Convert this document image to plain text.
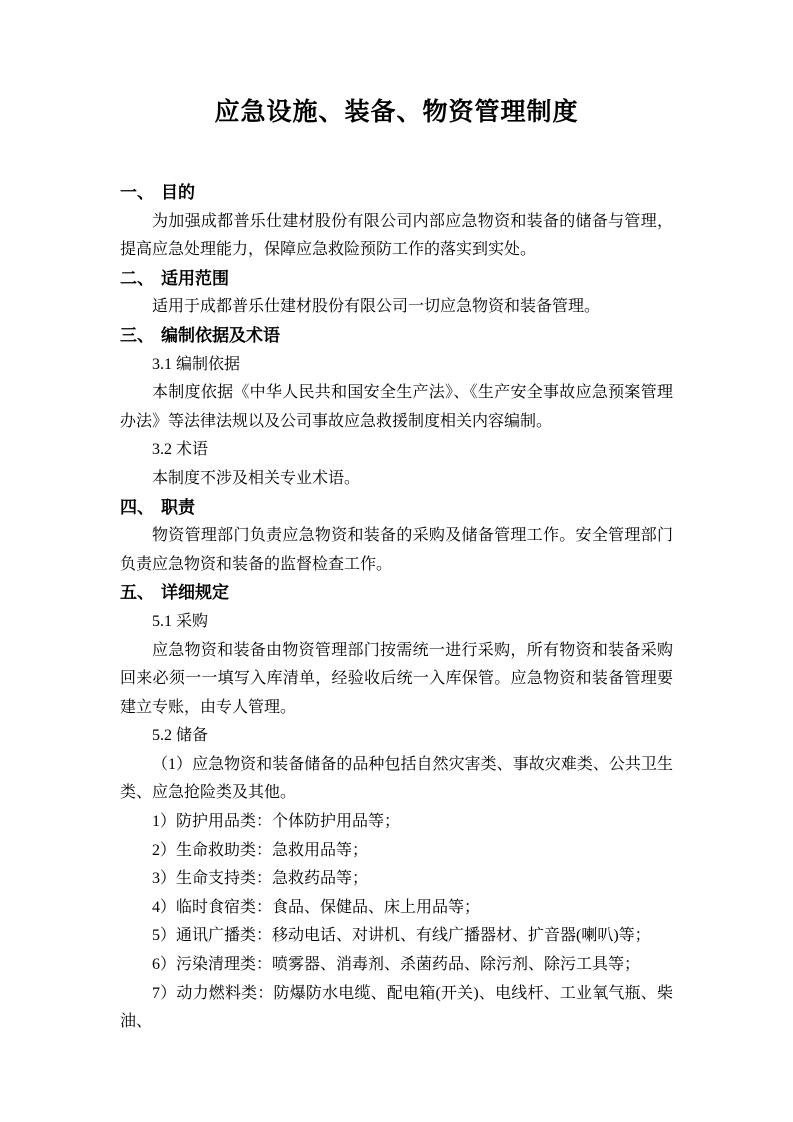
应急设施、装备、物资管理制度
一、 目的

为加强成都普乐仕建材股份有限公司内部应急物资和装备的储备与管理，提高应急处理能力，保障应急救险预防工作的落实到实处。

二、 适用范围

适用于成都普乐仕建材股份有限公司一切应急物资和装备管理。

三、 编制依据及术语

3.1 编制依据

本制度依据《中华人民共和国安全生产法》、《生产安全事故应急预案管理办法》等法律法规以及公司事故应急救援制度相关内容编制。

3.2 术语

本制度不涉及相关专业术语。

四、 职责

物资管理部门负责应急物资和装备的采购及储备管理工作。安全管理部门负责应急物资和装备的监督检查工作。

五、 详细规定

5.1 采购

应急物资和装备由物资管理部门按需统一进行采购，所有物资和装备采购回来必须一一填写入库清单，经验收后统一入库保管。应急物资和装备管理要建立专账，由专人管理。

5.2 储备

（1）应急物资和装备储备的品种包括自然灾害类、事故灾难类、公共卫生类、应急抢险类及其他。

1）防护用品类：个体防护用品等；

2）生命救助类：急救用品等；

3）生命支持类：急救药品等；

4）临时食宿类：食品、保健品、床上用品等；

5）通讯广播类：移动电话、对讲机、有线广播器材、扩音器(喇叭)等；

6）污染清理类：喷雾器、消毒剂、杀菌药品、除污剂、除污工具等；

7）动力燃料类：防爆防水电缆、配电箱(开关)、电线杆、工业氧气瓶、柴 油、
